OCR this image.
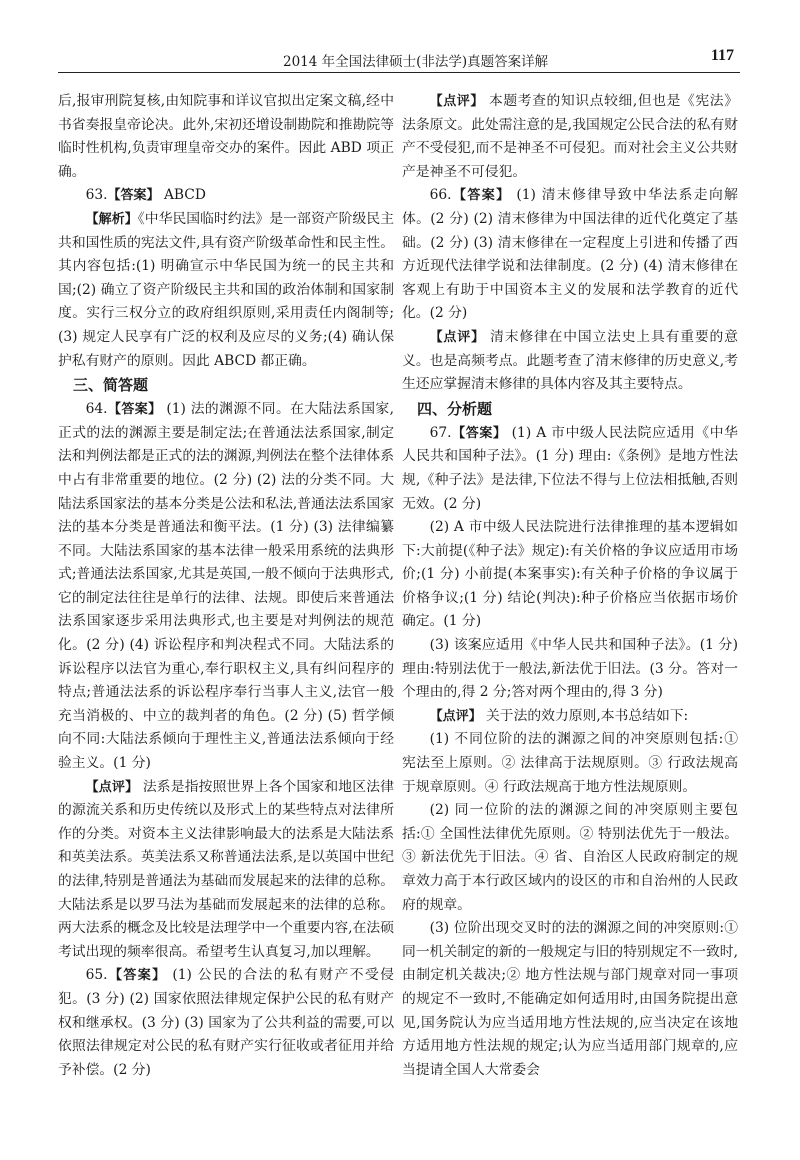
2014 年全国法律硕士(非法学)真题答案详解	117

后,报审刑院复核,由知院事和详议官拟出定案文稿,经中书省奏报皇帝论决。此外,宋初还增设制勘院和推勘院等临时性机构,负责审理皇帝交办的案件。因此 ABD 项正确。

63.【答案】 ABCD

【解析】《中华民国临时约法》是一部资产阶级民主共和国性质的宪法文件,具有资产阶级革命性和民主性。其内容包括:(1) 明确宣示中华民国为统一的民主共和国;(2) 确立了资产阶级民主共和国的政治体制和国家制度。实行三权分立的政府组织原则,采用责任内阁制等;(3) 规定人民享有广泛的权利及应尽的义务;(4) 确认保护私有财产的原则。因此 ABCD 都正确。

三、简答题

64.【答案】 (1) 法的渊源不同。在大陆法系国家,正式的法的渊源主要是制定法;在普通法法系国家,制定法和判例法都是正式的法的渊源,判例法在整个法律体系中占有非常重要的地位。(2 分) (2) 法的分类不同。大陆法系国家法的基本分类是公法和私法,普通法法系国家法的基本分类是普通法和衡平法。(1 分) (3) 法律编纂不同。大陆法系国家的基本法律一般采用系统的法典形式;普通法法系国家,尤其是英国,一般不倾向于法典形式,它的制定法往往是单行的法律、法规。即使后来普通法法系国家逐步采用法典形式,也主要是对判例法的规范化。(2 分) (4) 诉讼程序和判决程式不同。大陆法系的诉讼程序以法官为重心,奉行职权主义,具有纠问程序的特点;普通法法系的诉讼程序奉行当事人主义,法官一般充当消极的、中立的裁判者的角色。(2 分) (5) 哲学倾向不同:大陆法系倾向于理性主义,普通法法系倾向于经验主义。(1 分)

【点评】 法系是指按照世界上各个国家和地区法律的源流关系和历史传统以及形式上的某些特点对法律所作的分类。对资本主义法律影响最大的法系是大陆法系和英美法系。英美法系又称普通法法系,是以英国中世纪的法律,特别是普通法为基础而发展起来的法律的总称。大陆法系是以罗马法为基础而发展起来的法律的总称。两大法系的概念及比较是法理学中一个重要内容,在法硕考试出现的频率很高。希望考生认真复习,加以理解。

65.【答案】 (1) 公民的合法的私有财产不受侵犯。(3 分) (2) 国家依照法律规定保护公民的私有财产权和继承权。(3 分) (3) 国家为了公共利益的需要,可以依照法律规定对公民的私有财产实行征收或者征用并给予补偿。(2 分)

【点评】 本题考查的知识点较细,但也是《宪法》法条原文。此处需注意的是,我国规定公民合法的私有财产不受侵犯,而不是神圣不可侵犯。而对社会主义公共财产是神圣不可侵犯。

66.【答案】 (1) 清末修律导致中华法系走向解体。(2 分) (2) 清末修律为中国法律的近代化奠定了基础。(2 分) (3) 清末修律在一定程度上引进和传播了西方近现代法律学说和法律制度。(2 分) (4) 清末修律在客观上有助于中国资本主义的发展和法学教育的近代化。(2 分)

【点评】 清末修律在中国立法史上具有重要的意义。也是高频考点。此题考查了清末修律的历史意义,考生还应掌握清末修律的具体内容及其主要特点。

四、分析题

67.【答案】 (1) A 市中级人民法院应适用《中华人民共和国种子法》。(1 分) 理由:《条例》是地方性法规,《种子法》是法律,下位法不得与上位法相抵触,否则无效。(2 分)

(2) A 市中级人民法院进行法律推理的基本逻辑如下:大前提(《种子法》规定):有关价格的争议应适用市场价;(1 分) 小前提(本案事实):有关种子价格的争议属于价格争议;(1 分) 结论(判决):种子价格应当依据市场价确定。(1 分)

(3) 该案应适用《中华人民共和国种子法》。(1 分) 理由:特别法优于一般法,新法优于旧法。(3 分。答对一个理由的,得 2 分;答对两个理由的,得 3 分)

【点评】 关于法的效力原则,本书总结如下:

(1) 不同位阶的法的渊源之间的冲突原则包括:① 宪法至上原则。② 法律高于法规原则。③ 行政法规高于规章原则。④ 行政法规高于地方性法规原则。

(2) 同一位阶的法的渊源之间的冲突原则主要包括:① 全国性法律优先原则。② 特别法优先于一般法。③ 新法优先于旧法。④ 省、自治区人民政府制定的规章效力高于本行政区域内的设区的市和自治州的人民政府的规章。

(3) 位阶出现交叉时的法的渊源之间的冲突原则:① 同一机关制定的新的一般规定与旧的特别规定不一致时,由制定机关裁决;② 地方性法规与部门规章对同一事项的规定不一致时,不能确定如何适用时,由国务院提出意见,国务院认为应当适用地方性法规的,应当决定在该地方适用地方性法规的规定;认为应当适用部门规章的,应当提请全国人大常委会
